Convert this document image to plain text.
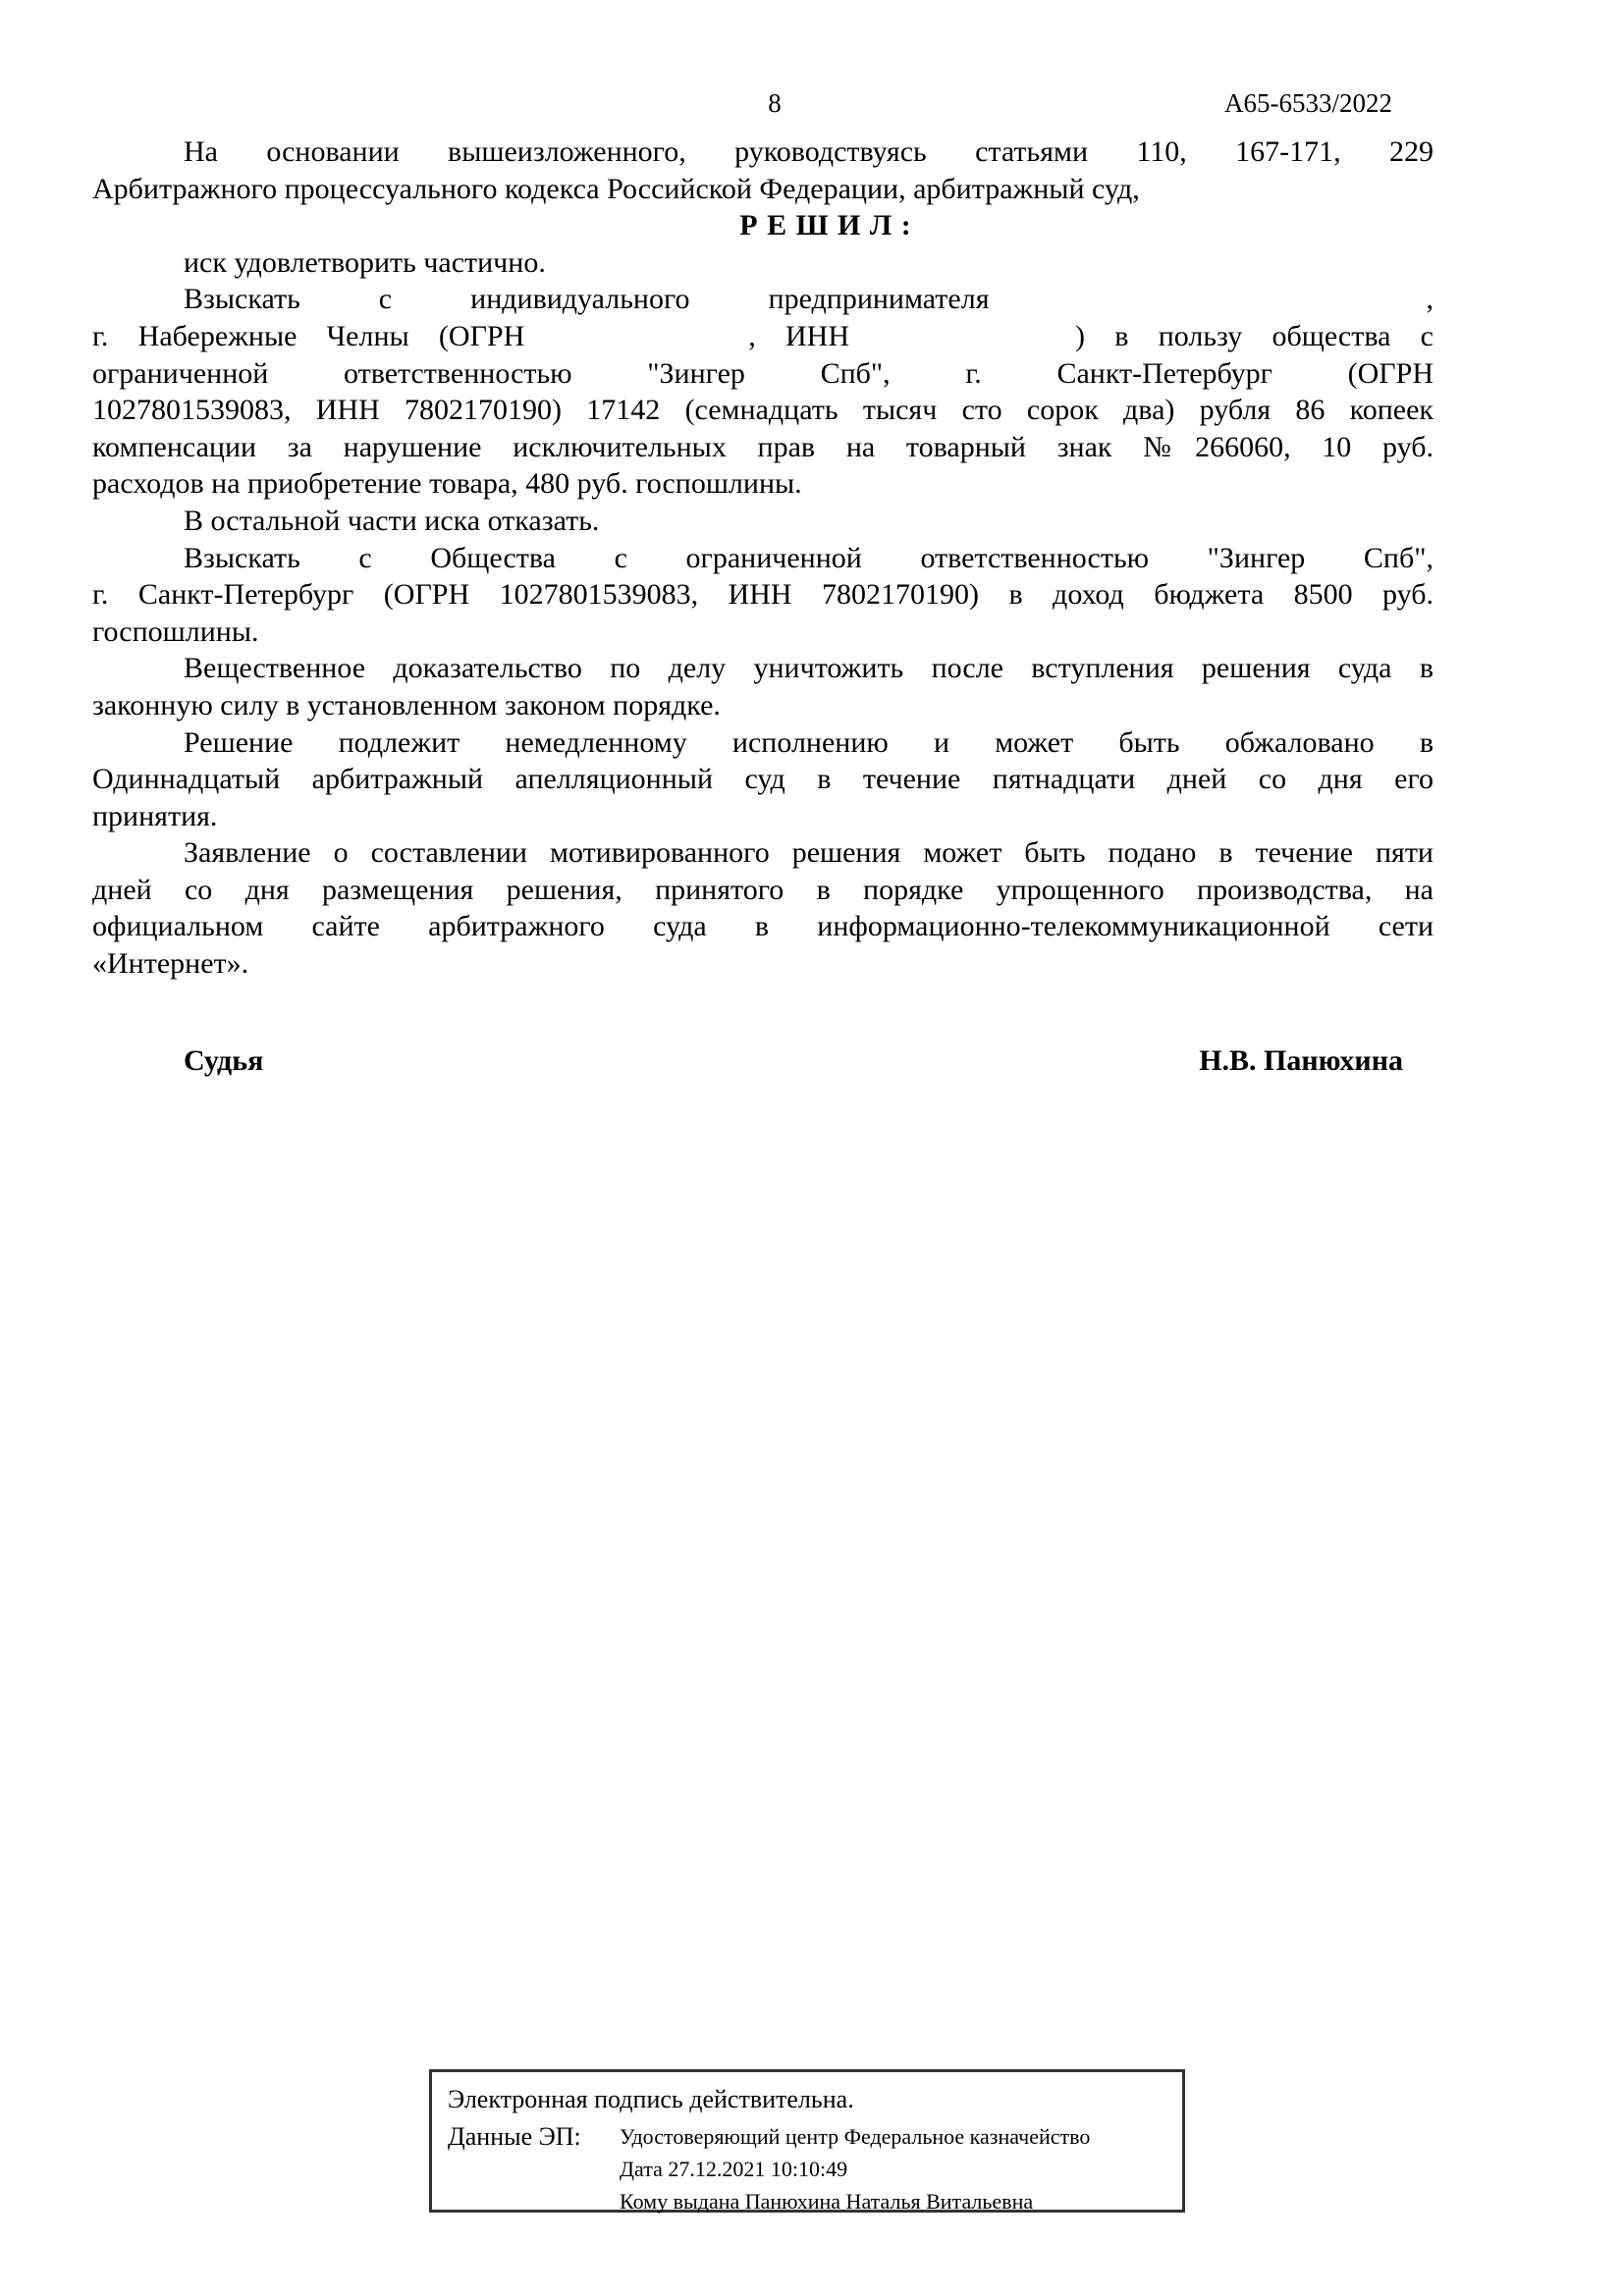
8	А65-6533/2022
На основании вышеизложенного, руководствуясь статьями 110, 167-171, 229
Арбитражного процессуального кодекса Российской Федерации, арбитражный суд,
Р Е Ш И Л :
иск удовлетворить частично.
Взыскать с индивидуального предпринимателя	,
г. Набережные Челны (ОГРН	, ИНН	) в пользу общества с
ограниченной ответственностью "Зингер Спб", г. Санкт-Петербург (ОГРН
1027801539083, ИНН 7802170190) 17142 (семнадцать тысяч сто сорок два) рубля 86 копеек
компенсации за нарушение исключительных прав на товарный знак №266060, 10 руб.
расходов на приобретение товара, 480 руб. госпошлины.
В остальной части иска отказать.
Взыскать с Общества с ограниченной ответственностью "Зингер Спб",
г. Санкт-Петербург (ОГРН 1027801539083, ИНН 7802170190) в доход бюджета 8500 руб.
госпошлины.
Вещественное доказательство по делу уничтожить после вступления решения суда в
законную силу в установленном законом порядке.
Решение подлежит немедленному исполнению и может быть обжаловано в
Одиннадцатый арбитражный апелляционный суд в течение пятнадцати дней со дня его
принятия.
Заявление о составлении мотивированного решения может быть подано в течение пяти
дней со дня размещения решения, принятого в порядке упрощенного производства, на
официальном сайте арбитражного суда в информационно-телекоммуникационной сети
«Интернет».
Судья	Н.В. Панюхина
Электронная подпись действительна.
Данные ЭП:	Удостоверяющий центр Федеральное казначейство
Дата 27.12.2021 10:10:49
Кому выдана Панюхина Наталья Витальевна
